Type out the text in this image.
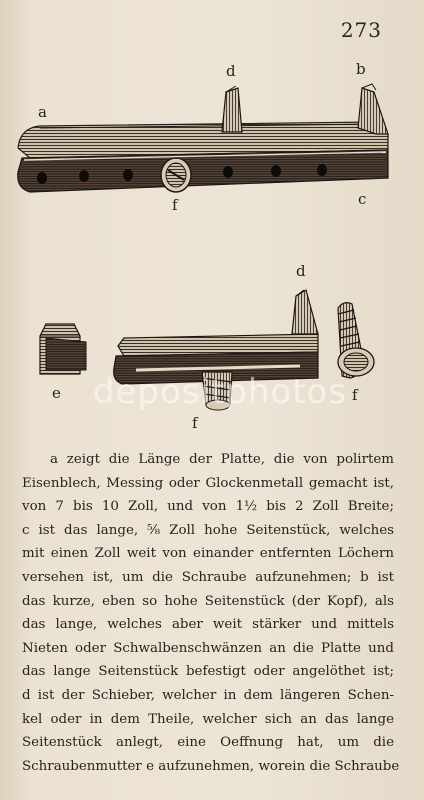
273
a
d	b
f	c
d
e
f
f
depositphotos
a zeigt die Länge der Platte, die von polirtem
Eisenblech, Messing oder Glockenmetall gemacht ist,
von 7 bis 10 Zoll, und von 1½ bis 2 Zoll Breite;
c ist das lange, ⅝ Zoll hohe Seitenstück, welches
mit einen Zoll weit von einander entfernten Löchern
versehen ist, um die Schraube aufzunehmen; b ist
das kurze, eben so hohe Seitenstück (der Kopf), als
das lange, welches aber weit stärker und mittels
Nieten oder Schwalbenschwänzen an die Platte und
das lange Seitenstück befestigt oder angelöthet ist;
d ist der Schieber, welcher in dem längeren Schen-
kel oder in dem Theile, welcher sich an das lange
Seitenstück anlegt, eine Oeffnung hat, um die
Schraubenmutter e aufzunehmen, worein die Schraube
